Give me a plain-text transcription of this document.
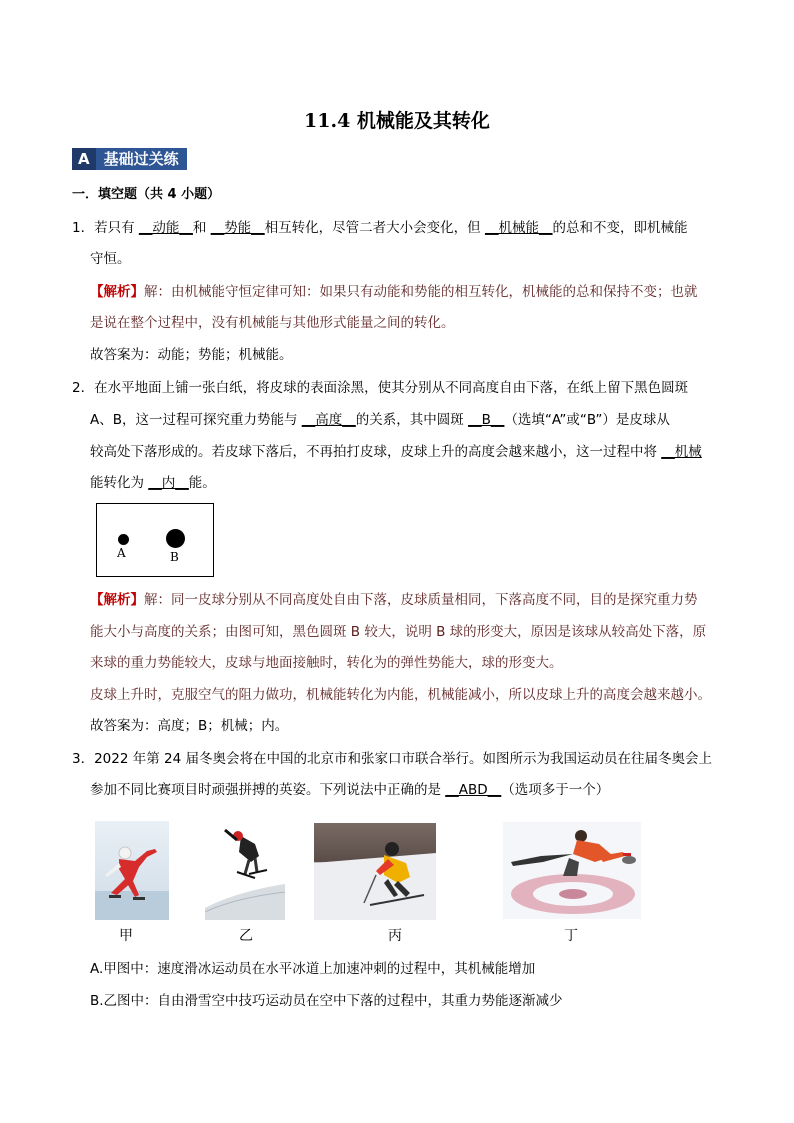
11.4 机械能及其转化
A 基础过关练
一．填空题（共 4 小题）
1．若只有 __动能__和 __势能__相互转化，尽管二者大小会变化，但 __机械能__的总和不变，即机械能
守恒。
【解析】解：由机械能守恒定律可知：如果只有动能和势能的相互转化，机械能的总和保持不变；也就
是说在整个过程中，没有机械能与其他形式能量之间的转化。
故答案为：动能；势能；机械能。
2．在水平地面上铺一张白纸，将皮球的表面涂黑，使其分别从不同高度自由下落，在纸上留下黑色圆斑
A、B，这一过程可探究重力势能与 __高度__的关系，其中圆斑 __B__（选填“A”或“B”）是皮球从
较高处下落形成的。若皮球下落后，不再拍打皮球，皮球上升的高度会越来越小，这一过程中将 __机械
能转化为 __内__能。
A	B
【解析】解：同一皮球分别从不同高度处自由下落，皮球质量相同，下落高度不同，目的是探究重力势
能大小与高度的关系；由图可知，黑色圆斑 B 较大，说明 B 球的形变大，原因是该球从较高处下落，原
来球的重力势能较大，皮球与地面接触时，转化为的弹性势能大，球的形变大。
皮球上升时，克服空气的阻力做功，机械能转化为内能，机械能减小，所以皮球上升的高度会越来越小。
故答案为：高度；B；机械；内。
3．2022 年第 24 届冬奥会将在中国的北京市和张家口市联合举行。如图所示为我国运动员在往届冬奥会上
参加不同比赛项目时顽强拼搏的英姿。下列说法中正确的是 __ABD__（选项多于一个）
甲	乙	丙	丁
A.甲图中：速度滑冰运动员在水平冰道上加速冲刺的过程中，其机械能增加
B.乙图中：自由滑雪空中技巧运动员在空中下落的过程中，其重力势能逐渐减少
